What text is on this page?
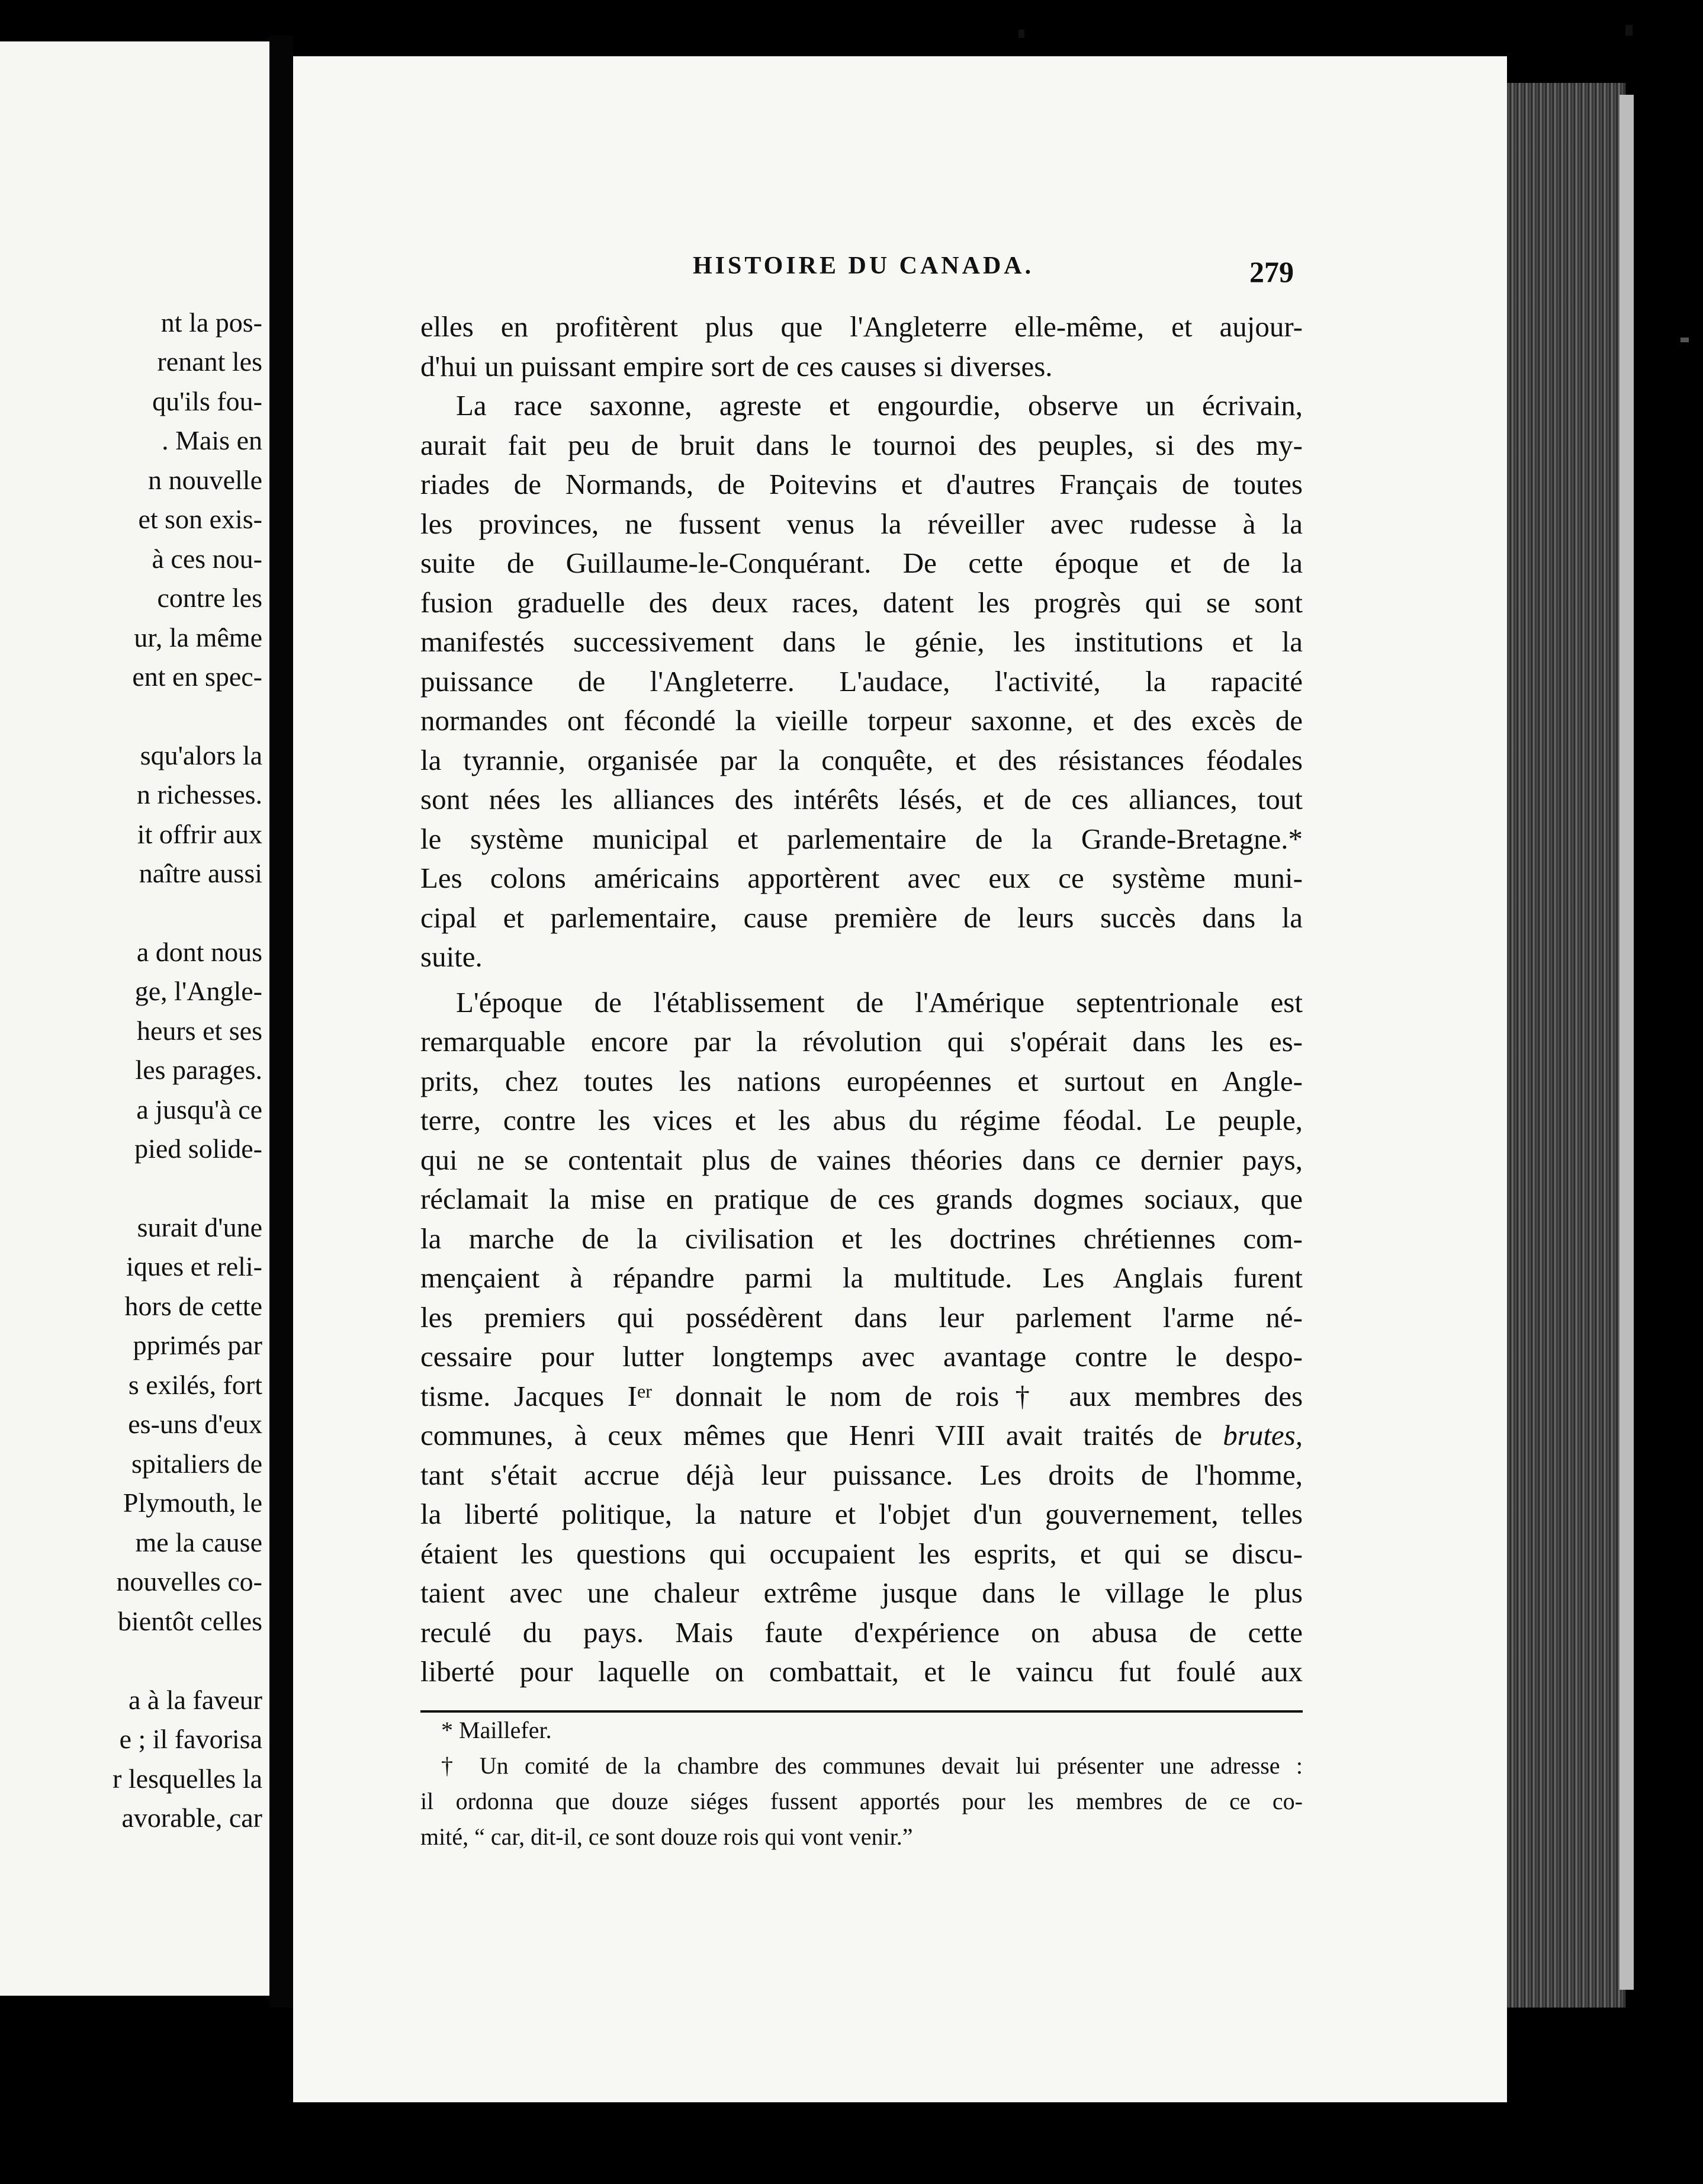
nt la pos-
renant les
qu'ils fou-
. Mais en
n nouvelle
et son exis-
à ces nou-
contre les
ur, la même
ent en spec-
squ'alors la
n richesses.
it offrir aux
naître aussi
a dont nous
ge, l'Angle-
heurs et ses
les parages.
a jusqu'à ce
pied solide-
surait d'une
iques et reli-
hors de cette
pprimés par
s exilés, fort
es-uns d'eux
spitaliers de
Plymouth, le
me la cause
nouvelles co-
bientôt celles
a à la faveur
e ; il favorisa
r lesquelles la
avorable, car
HISTOIRE DU CANADA.	279
elles en profitèrent plus que l'Angleterre elle-même, et aujour-
d'hui un puissant empire sort de ces causes si diverses.
La race saxonne, agreste et engourdie, observe un écrivain,
aurait fait peu de bruit dans le tournoi des peuples, si des my-
riades de Normands, de Poitevins et d'autres Français de toutes
les provinces, ne fussent venus la réveiller avec rudesse à la
suite de Guillaume-le-Conquérant. De cette époque et de la
fusion graduelle des deux races, datent les progrès qui se sont
manifestés successivement dans le génie, les institutions et la
puissance de l'Angleterre. L'audace, l'activité, la rapacité
normandes ont fécondé la vieille torpeur saxonne, et des excès de
la tyrannie, organisée par la conquête, et des résistances féodales
sont nées les alliances des intérêts lésés, et de ces alliances, tout
le système municipal et parlementaire de la Grande-Bretagne.*
Les colons américains apportèrent avec eux ce système muni-
cipal et parlementaire, cause première de leurs succès dans la
suite.
L'époque de l'établissement de l'Amérique septentrionale est
remarquable encore par la révolution qui s'opérait dans les es-
prits, chez toutes les nations européennes et surtout en Angle-
terre, contre les vices et les abus du régime féodal. Le peuple,
qui ne se contentait plus de vaines théories dans ce dernier pays,
réclamait la mise en pratique de ces grands dogmes sociaux, que
la marche de la civilisation et les doctrines chrétiennes com-
mençaient à répandre parmi la multitude. Les Anglais furent
les premiers qui possédèrent dans leur parlement l'arme né-
cessaire pour lutter longtemps avec avantage contre le despo-
tisme. Jacques Ier donnait le nom de rois† aux membres des
communes, à ceux mêmes que Henri VIII avait traités de brutes,
tant s'était accrue déjà leur puissance. Les droits de l'homme,
la liberté politique, la nature et l'objet d'un gouvernement, telles
étaient les questions qui occupaient les esprits, et qui se discu-
taient avec une chaleur extrême jusque dans le village le plus
reculé du pays. Mais faute d'expérience on abusa de cette
liberté pour laquelle on combattait, et le vaincu fut foulé aux
* Maillefer.
† Un comité de la chambre des communes devait lui présenter une adresse :
il ordonna que douze siéges fussent apportés pour les membres de ce co-
mité, “ car, dit-il, ce sont douze rois qui vont venir.”
